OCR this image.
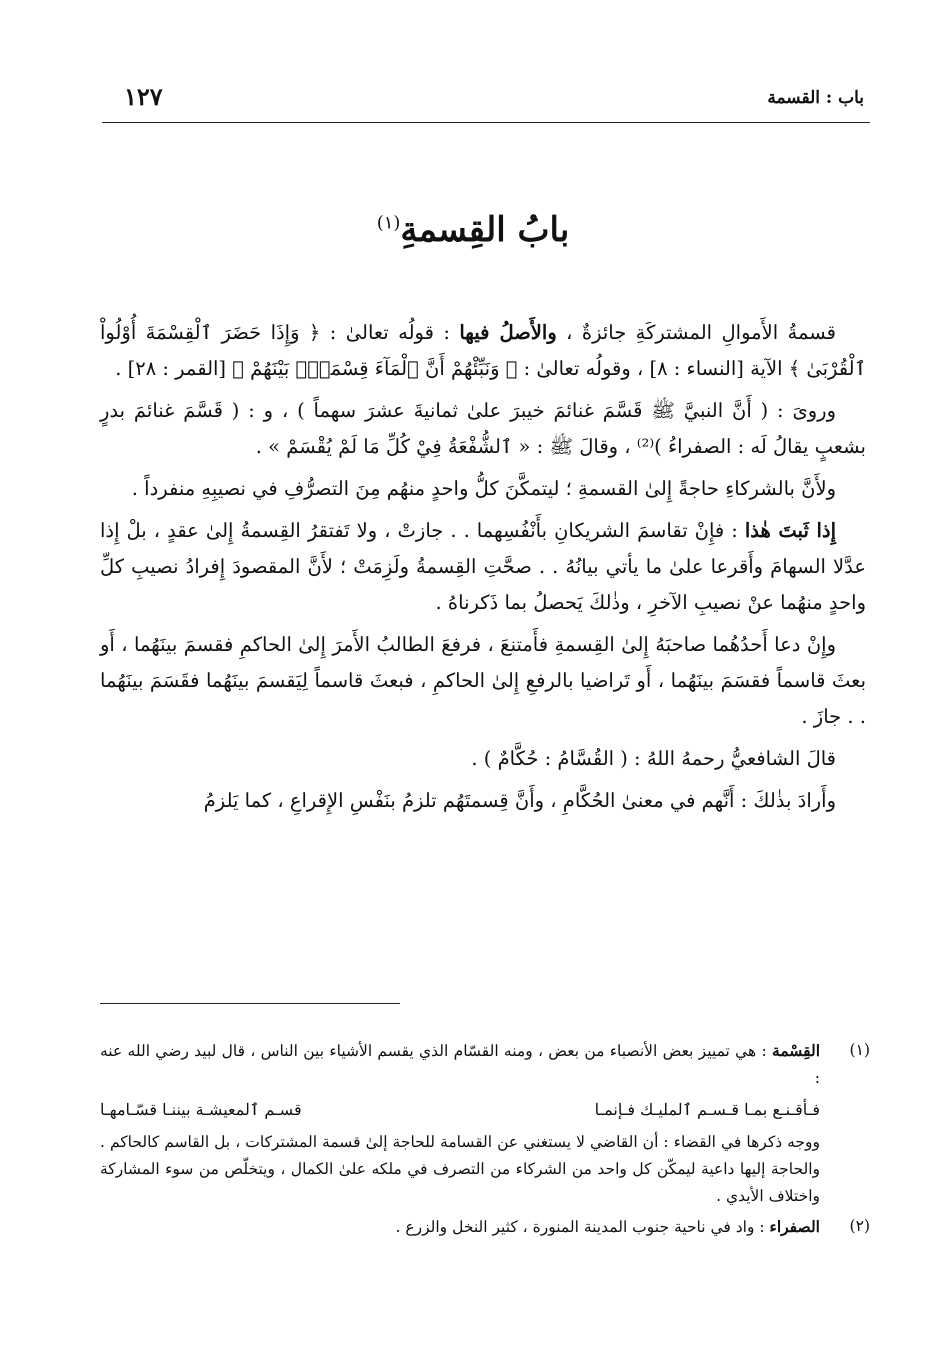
باب : القسمة
١٢٧
بابُ القِسمةِ$^{(١)}$

قسمةُ الأَموالِ المشتركَةِ جائزةٌ ، والأَصلُ فيها : قولُه تعالىٰ : ﴿ وَإِذَا حَضَرَ ٱلْقِسْمَةَ أُوْلُواْ ٱلْقُرْبَىٰ ﴾ الآية [النساء : ٨] ، وقولُه تعالىٰ : ﴿ وَنَبِّئْهُمْ أَنَّ ٱلْمَآءَ قِسْمَةٌۢ بَيْنَهُمْ ﴾ [القمر : ٢٨] .

وروىَ : ( أَنَّ النبيَّ ﷺ قَسَّمَ غنائمَ خيبرَ علىٰ ثمانيةَ عشرَ سهماً ) ، و : ( قَسَّمَ غنائمَ بدرٍ بشعبٍ يقالُ لَه : الصفراءُ )⁽²⁾ ، وقالَ ﷺ : « ٱلشُّفْعَةُ فِيْ كُلِّ مَا لَمْ يُقْسَمْ » .

ولأَنَّ بالشركاءِ حاجةً إِلىٰ القسمةِ ؛ ليتمكَّنَ كلُّ واحدٍ منهُم مِنَ التصرُّفِ في نصيبِهِ منفرداً .

إِذا ثَبتَ هٰذا : فإِنْ تقاسمَ الشريكانِ بأَنْفُسِهما . . جازتْ ، ولا تَفتقرُ القِسمةُ إِلىٰ عقدٍ ، بلْ إِذا عدَّلا السهامَ وأَقرعا علىٰ ما يأتي بيانُهُ . . صحَّتِ القِسمةُ ولَزِمَتْ ؛ لأَنَّ المقصودَ إِفرادُ نصيبِ كلِّ واحدٍ منهُما عنْ نصيبِ الآخرِ ، وذٰلكَ يَحصلُ بما ذَكرناهُ .

وإِنْ دعا أَحدُهُما صاحبَهُ إِلىٰ القِسمةِ فأَمتنعَ ، فرفعَ الطالبُ الأَمرَ إِلىٰ الحاكمِ فقسمَ بينَهُما ، أَو بعثَ قاسماً فقسَمَ بينَهُما ، أَو تَراضيا بالرفعِ إِلىٰ الحاكمِ ، فبعثَ قاسماً لِيَقسمَ بينَهُما فقَسَمَ بينَهُما . . جازَ .

قالَ الشافعيُّ رحمهُ اللهُ : ( القُسَّامُ : حُكَّامٌ ) .

وأَرادَ بذٰلكَ : أَنَّهم في معنىٰ الحُكَّامِ ، وأَنَّ قِسمتَهُم تلزمُ بنَفْسِ الإِقراعِ ، كما يَلزمُ

(١)
القِسْمة : هي تمييز بعض الأنصباء من بعض ، ومنه القسّام الذي يقسم الأشياء بين الناس ، قال لبيد رضي الله عنه :
فـأقـنـع بمـا قـسـم ٱلمليـك فـإنمـا
قسـم ٱلمعيشـة بيننـا قسّـامهـا
ووجه ذكرها في القضاء : أن القاضي لا يستغني عن القسامة للحاجة إلىٰ قسمة المشتركات ، بل القاسم كالحاكم . والحاجة إليها داعية ليمكّن كل واحد من الشركاء من التصرف في ملكه علىٰ الكمال ، ويتخلّص من سوء المشاركة واختلاف الأيدي .
(٢)
الصفراء : واد في ناحية جنوب المدينة المنورة ، كثير النخل والزرع .
